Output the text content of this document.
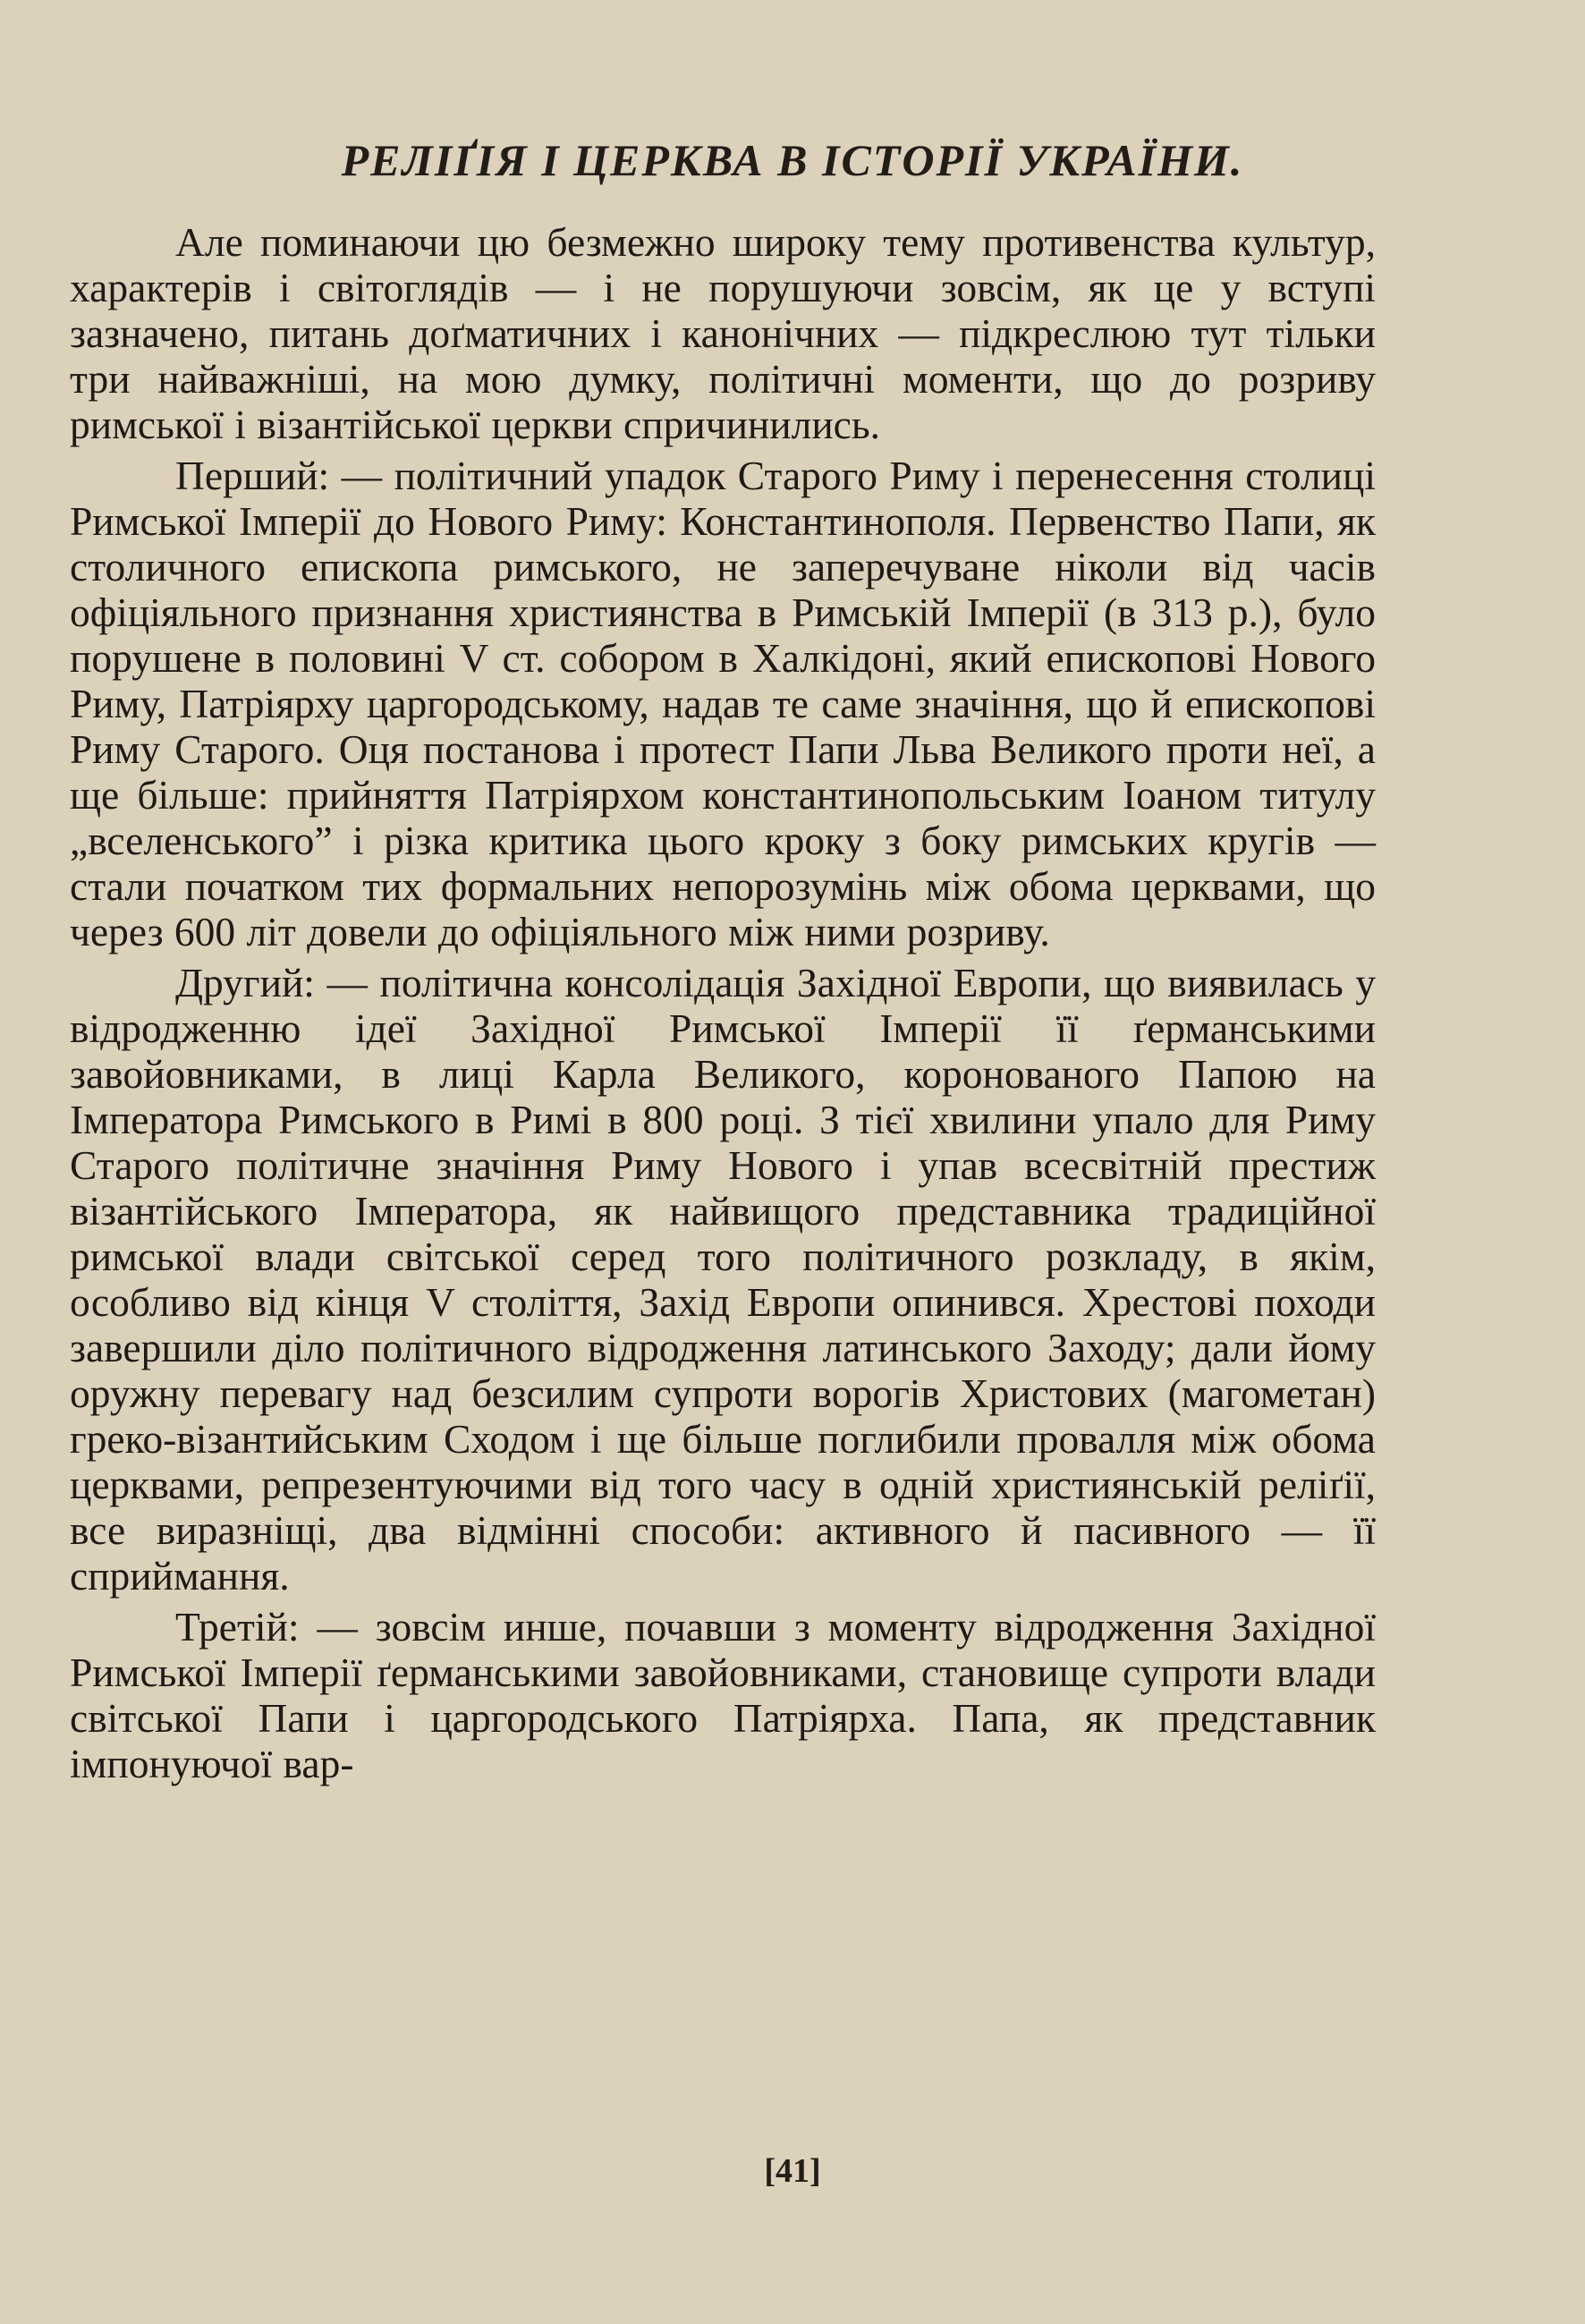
РЕЛІҐІЯ І ЦЕРКВА В ІСТОРІЇ УКРАЇНИ.

Але поминаючи цю безмежно широку тему противенства культур, характерів і світоглядів — і не порушуючи зовсім, як це у вступі зазначено, питань доґматичних і канонічних — підкреслюю тут тільки три найважніші, на мою думку, політичні моменти, що до розриву римської і візантійської церкви спричинились.

Перший: — політичний упадок Старого Риму і перенесення столиці Римської Імперії до Нового Риму: Константинополя. Первенство Папи, як столичного епископа римського, не заперечуване ніколи від часів офіціяльного признання християнства в Римській Імперії (в 313 р.), було порушене в половині V ст. собором в Халкідоні, який епископові Нового Риму, Патріярху царгородському, надав те саме значіння, що й епископові Риму Старого. Оця постанова і протест Папи Льва Великого проти неї, а ще більше: прийняття Патріярхом константинопольським Іоаном титулу „вселенського” і різка критика цього кроку з боку римських кругів — стали початком тих формальних непорозумінь між обома церквами, що через 600 літ довели до офіціяльного між ними розриву.

Другий: — політична консолідація Західної Европи, що виявилась у відродженню ідеї Західної Римської Імперії її ґерманськими завойовниками, в лиці Карла Великого, коронованого Папою на Імператора Римського в Римі в 800 році. З тієї хвилини упало для Риму Старого політичне значіння Риму Нового і упав всесвітній престиж візантійського Імператора, як найвищого представника традиційної римської влади світської серед того політичного розкладу, в якім, особливо від кінця V століття, Захід Европи опинився. Хрестові походи завершили діло політичного відродження латинського Заходу; дали йому оружну перевагу над безсилим супроти ворогів Христових (магометан) греко-візантийським Сходом і ще більше поглибили провалля між обома церквами, репрезентуючими від того часу в одній християнській реліґії, все виразніщі, два відмінні способи: активного й пасивного — її сприймання.

Третій: — зовсім инше, почавши з моменту відродження Західної Римської Імперії ґерманськими завойовниками, становище супроти влади світської Папи і царгородського Патріярха. Папа, як представник імпонуючої вар-

[41]
